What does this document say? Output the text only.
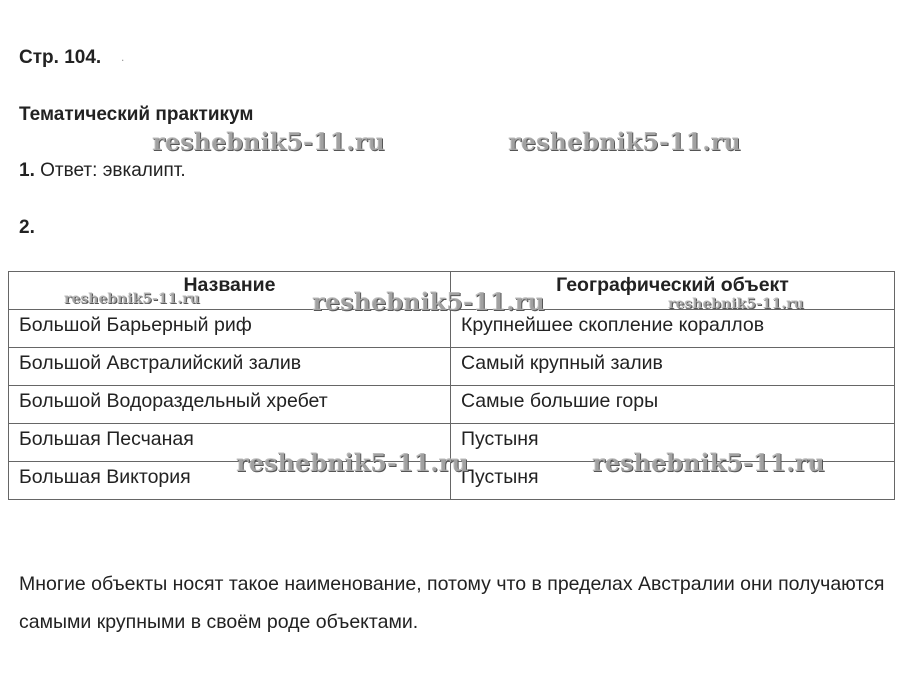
Стр. 104. .
Тематический практикум
1. Ответ: эвкалипт.
2.
Название	Географический объект
Большой Барьерный риф	Крупнейшее скопление кораллов
Большой Австралийский залив	Самый крупный залив
Большой Водораздельный хребет	Самые большие горы
Большая Песчаная	Пустыня
Большая Виктория	Пустыня
Многие объекты носят такое наименование, потому что в пределах Австралии они получаются самыми крупными в своём роде объектами.
reshebnik5-11.ru	reshebnik5-11.ru
reshebnik5-11.ru	reshebnik5-11.ru	reshebnik5-11.ru
reshebnik5-11.ru	reshebnik5-11.ru
